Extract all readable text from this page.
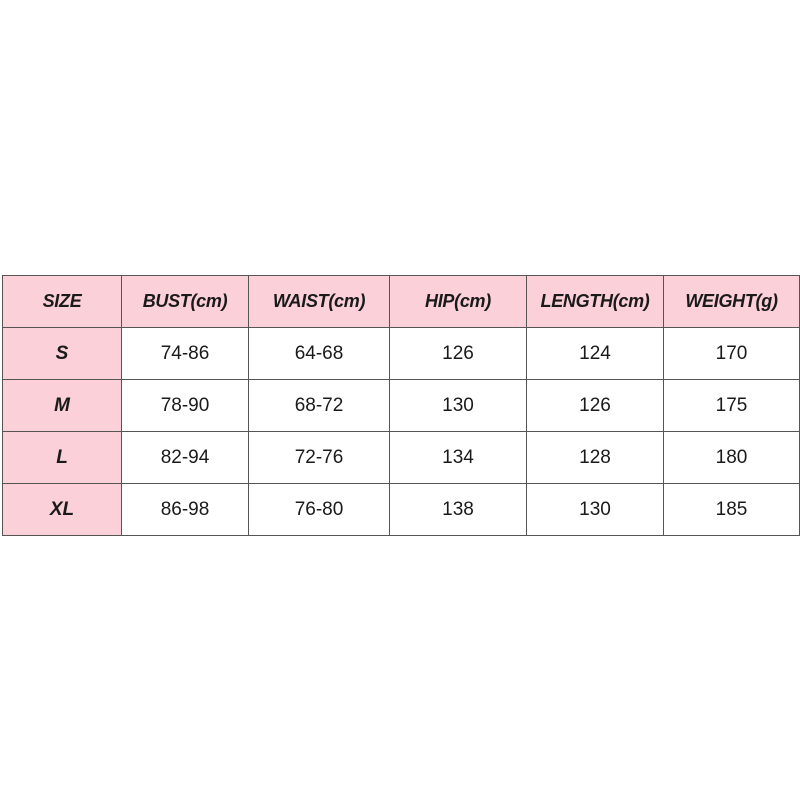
SIZE	BUST(cm)	WAIST(cm)	HIP(cm)	LENGTH(cm)	WEIGHT(g)
S	74-86	64-68	126	124	170
M	78-90	68-72	130	126	175
L	82-94	72-76	134	128	180
XL	86-98	76-80	138	130	185
